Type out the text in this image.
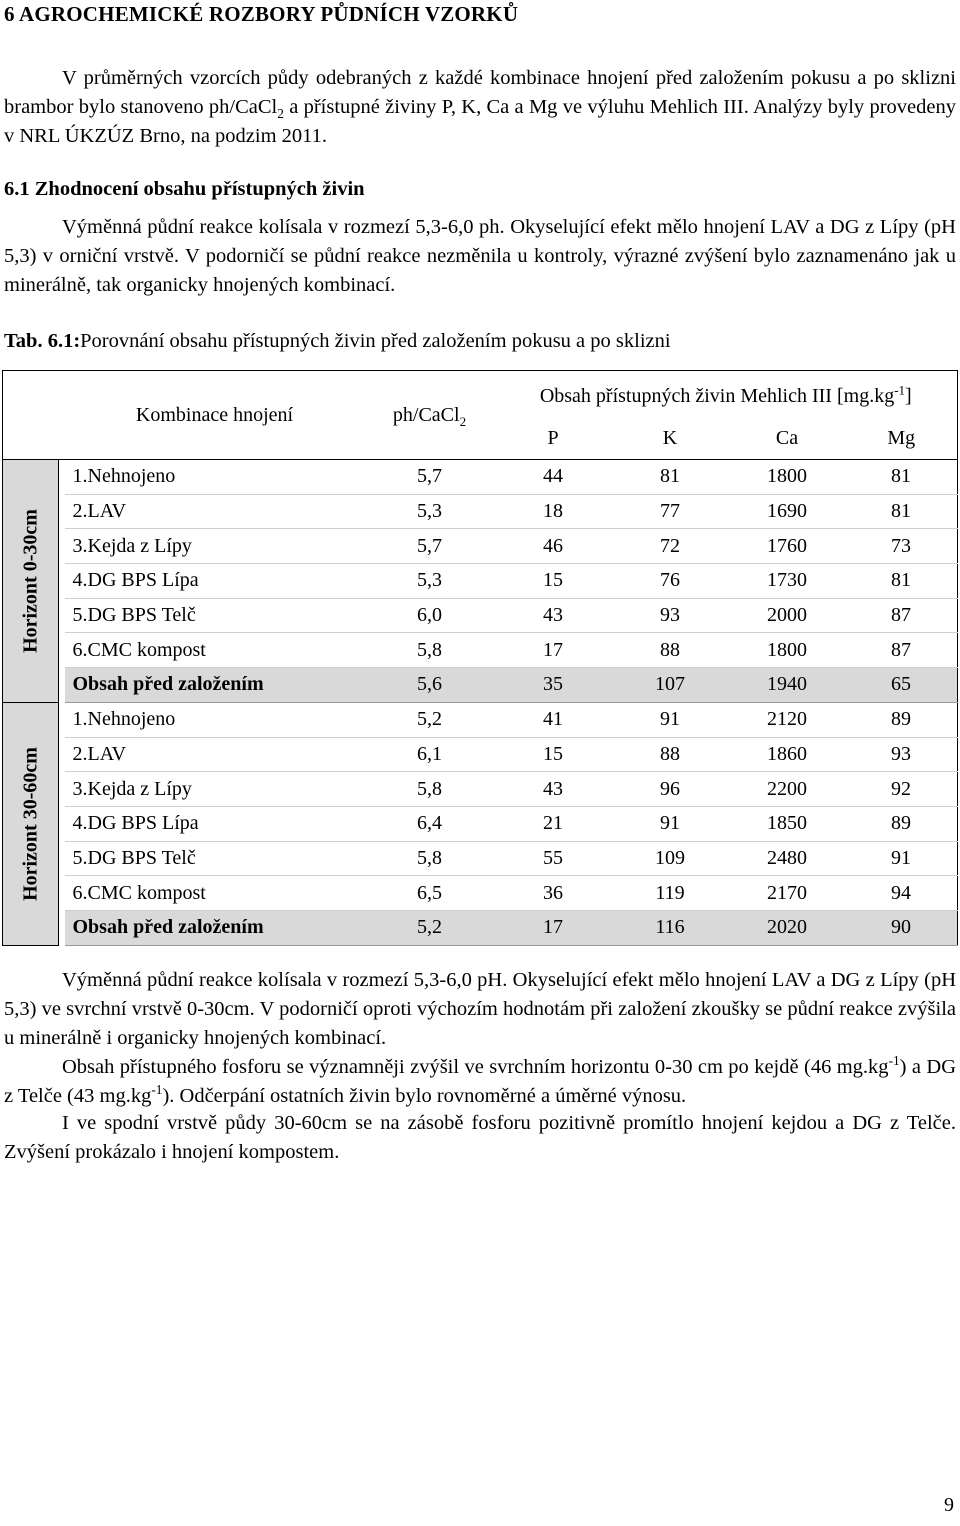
6 AGROCHEMICKÉ ROZBORY PŮDNÍCH VZORKŮ
V průměrných vzorcích půdy odebraných z každé kombinace hnojení před založením pokusu a po sklizni brambor bylo stanoveno ph/CaCl$_2$ a přístupné živiny P, K, Ca a Mg ve výluhu Mehlich III. Analýzy byly provedeny v NRL ÚKZÚZ Brno, na podzim 2011.
6.1 Zhodnocení obsahu přístupných živin
Výměnná půdní reakce kolísala v rozmezí 5,3-6,0 ph. Okyselující efekt mělo hnojení LAV a DG z Lípy (pH 5,3) v orniční vrstvě. V podorničí se půdní reakce nezměnila u kontroly, výrazné zvýšení bylo zaznamenáno jak u minerálně, tak organicky hnojených kombinací.
Tab. 6.1:Porovnání obsahu přístupných živin před založením pokusu a po sklizni
		Kombinace hnojení	ph/CaCl$_2$	Obsah přístupných živin Mehlich III $[mg.kg^{-1}]$			
				P	K	Ca	Mg

Horizont 0-30cm		1.Nehnojeno	5,7	44	81	1800	81
		2.LAV	5,3	18	77	1690	81
		3.Kejda z Lípy	5,7	46	72	1760	73
		4.DG BPS Lípa	5,3	15	76	1730	81
		5.DG BPS Telč	6,0	43	93	2000	87
		6.CMC kompost	5,8	17	88	1800	87
		Obsah před založením	5,6	35	107	1940	65

Horizont 30-60cm		1.Nehnojeno	5,2	41	91	2120	89
		2.LAV	6,1	15	88	1860	93
		3.Kejda z Lípy	5,8	43	96	2200	92
		4.DG BPS Lípa	6,4	21	91	1850	89
		5.DG BPS Telč	5,8	55	109	2480	91
		6.CMC kompost	6,5	36	119	2170	94
		Obsah před založením	5,2	17	116	2020	90
Výměnná půdní reakce kolísala v rozmezí 5,3-6,0 pH. Okyselující efekt mělo hnojení LAV a DG z Lípy (pH 5,3) ve svrchní vrstvě 0-30cm. V podorničí oproti výchozím hodnotám při založení zkoušky se půdní reakce zvýšila u minerálně i organicky hnojených kombinací.
Obsah přístupného fosforu se významněji zvýšil ve svrchním horizontu 0-30 cm po kejdě (46 $mg.kg^{-1}$) a DG z Telče (43 $mg.kg^{-1}$). Odčerpání ostatních živin bylo rovnoměrné a úměrné výnosu.
I ve spodní vrstvě půdy 30-60cm se na zásobě fosforu pozitivně promítlo hnojení kejdou a DG z Telče. Zvýšení prokázalo i hnojení kompostem.
9
